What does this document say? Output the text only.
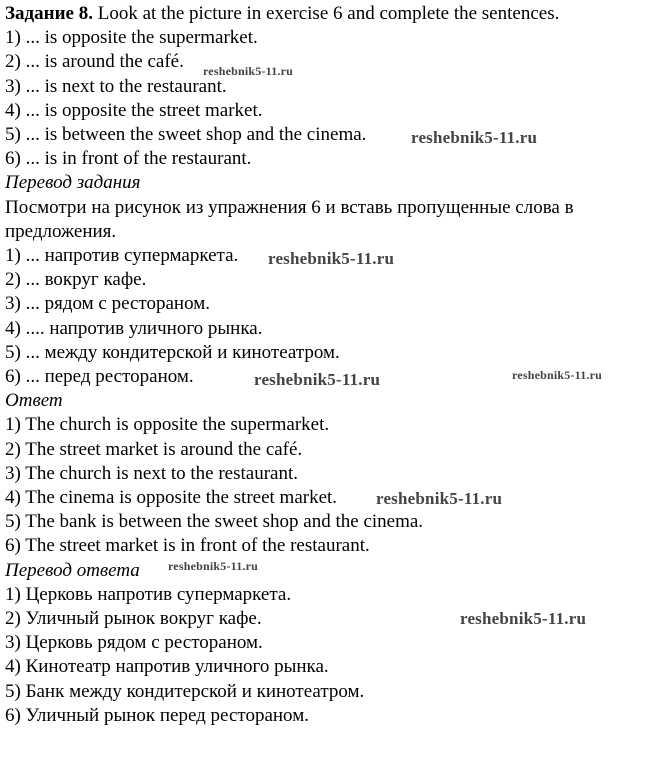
Задание 8. Look at the picture in exercise 6 and complete the sentences.

1) ... is opposite the supermarket.

2) ... is around the café.

3) ... is next to the restaurant.

4) ... is opposite the street market.

5) ... is between the sweet shop and the cinema.

6) ... is in front of the restaurant.

Перевод задания

Посмотри на рисунок из упражнения 6 и вставь пропущенные слова в предложения.

1) ... напротив супермаркета.

2) ... вокруг кафе.

3) ... рядом с рестораном.

4) .... напротив уличного рынка.

5) ... между кондитерской и кинотеатром.

6) ... перед рестораном.

Ответ

1) The church is opposite the supermarket.

2) The street market is around the café.

3) The church is next to the restaurant.

4) The cinema is opposite the street market.

5) The bank is between the sweet shop and the cinema.

6) The street market is in front of the restaurant.

Перевод ответа

1) Церковь напротив супермаркета.

2) Уличный рынок вокруг кафе.

3) Церковь рядом с рестораном.

4) Кинотеатр напротив уличного рынка.

5) Банк между кондитерской и кинотеатром.

6) Уличный рынок перед рестораном.

reshebnik5-11.ru
reshebnik5-11.ru
reshebnik5-11.ru
reshebnik5-11.ru	reshebnik5-11.ru
reshebnik5-11.ru
reshebnik5-11.ru
reshebnik5-11.ru
